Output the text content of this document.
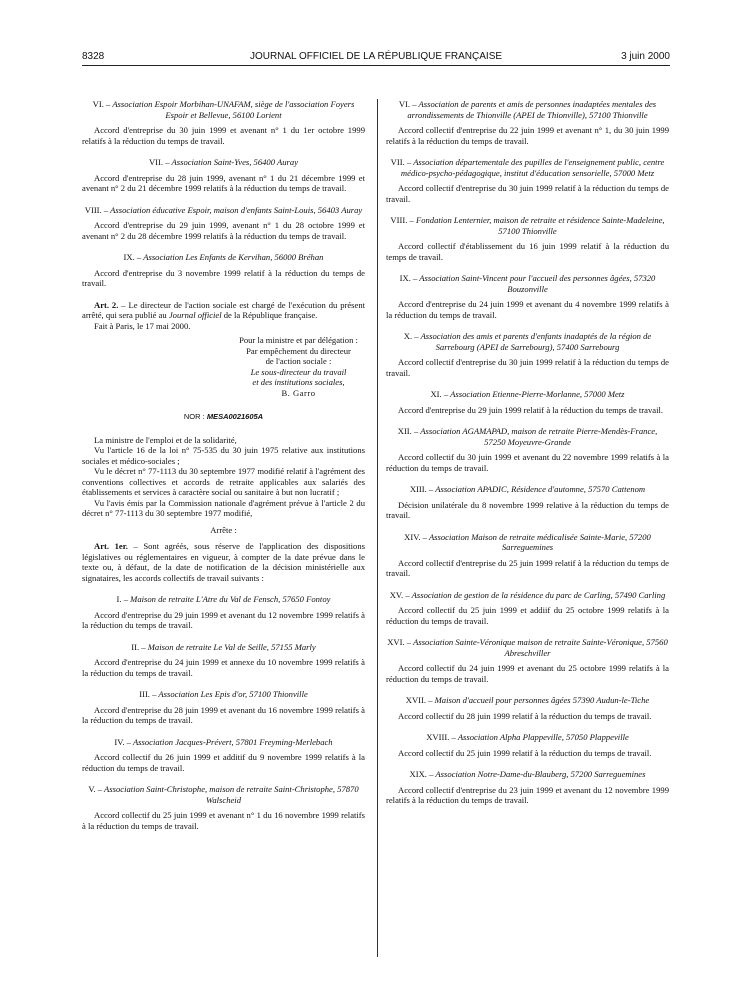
8328	JOURNAL OFFICIEL DE LA RÉPUBLIQUE FRANÇAISE	3 juin 2000
VI. – Association Espoir Morbihan-UNAFAM, siège de l'association Foyers Espoir et Bellevue, 56100 Lorient

Accord d'entreprise du 30 juin 1999 et avenant n° 1 du 1er octobre 1999 relatifs à la réduction du temps de travail.

VII. – Association Saint-Yves, 56400 Auray

Accord d'entreprise du 28 juin 1999, avenant n° 1 du 21 décembre 1999 et avenant n° 2 du 21 décembre 1999 relatifs à la réduction du temps de travail.

VIII. – Association éducative Espoir, maison d'enfants Saint-Louis, 56403 Auray

Accord d'entreprise du 29 juin 1999, avenant n° 1 du 28 octobre 1999 et avenant n° 2 du 28 décembre 1999 relatifs à la réduction du temps de travail.

IX. – Association Les Enfants de Kervihan, 56000 Bréhan

Accord d'entreprise du 3 novembre 1999 relatif à la réduction du temps de travail.

Art. 2. – Le directeur de l'action sociale est chargé de l'exécution du présent arrêté, qui sera publié au Journal officiel de la République française.

Fait à Paris, le 17 mai 2000.

Pour la ministre et par délégation :
Par empêchement du directeur
de l'action sociale :
Le sous-directeur du travail
et des institutions sociales,
B. Garro
NOR : MESA0021605A

La ministre de l'emploi et de la solidarité,

Vu l'article 16 de la loi n° 75-535 du 30 juin 1975 relative aux institutions sociales et médico-sociales ;

Vu le décret n° 77-1113 du 30 septembre 1977 modifié relatif à l'agrément des conventions collectives et accords de retraite applicables aux salariés des établissements et services à caractère social ou sanitaire à but non lucratif ;

Vu l'avis émis par la Commission nationale d'agrément prévue à l'article 2 du décret n° 77-1113 du 30 septembre 1977 modifié,

Arrête :

Art. 1er. – Sont agréés, sous réserve de l'application des dispositions législatives ou réglementaires en vigueur, à compter de la date prévue dans le texte ou, à défaut, de la date de notification de la décision ministérielle aux signataires, les accords collectifs de travail suivants :

I. – Maison de retraite L'Atre du Val de Fensch, 57650 Fontoy

Accord d'entreprise du 29 juin 1999 et avenant du 12 novembre 1999 relatifs à la réduction du temps de travail.

II. – Maison de retraite Le Val de Seille, 57155 Marly

Accord d'entreprise du 24 juin 1999 et annexe du 10 novembre 1999 relatifs à la réduction du temps de travail.

III. – Association Les Epis d'or, 57100 Thionville

Accord d'entreprise du 28 juin 1999 et avenant du 16 novembre 1999 relatifs à la réduction du temps de travail.

IV. – Association Jacques-Prévert, 57801 Freyming-Merlebach

Accord collectif du 26 juin 1999 et additif du 9 novembre 1999 relatifs à la réduction du temps de travail.

V. – Association Saint-Christophe, maison de retraite Saint-Christophe, 57870 Walscheid

Accord collectif du 25 juin 1999 et avenant n° 1 du 16 novembre 1999 relatifs à la réduction du temps de travail.

VI. – Association de parents et amis de personnes inadaptées mentales des arrondissements de Thionville (APEI de Thionville), 57100 Thionville

Accord collectif d'entreprise du 22 juin 1999 et avenant n° 1, du 30 juin 1999 relatifs à la réduction du temps de travail.

VII. – Association départementale des pupilles de l'enseignement public, centre médico-psycho-pédagogique, institut d'éducation sensorielle, 57000 Metz

Accord collectif d'entreprise du 30 juin 1999 relatif à la réduction du temps de travail.

VIII. – Fondation Lenternier, maison de retraite et résidence Sainte-Madeleine, 57100 Thionville

Accord collectif d'établissement du 16 juin 1999 relatif à la réduction du temps de travail.

IX. – Association Saint-Vincent pour l'accueil des personnes âgées, 57320 Bouzonville

Accord d'entreprise du 24 juin 1999 et avenant du 4 novembre 1999 relatifs à la réduction du temps de travail.

X. – Association des amis et parents d'enfants inadaptés de la région de Sarrebourg (APEI de Sarrebourg), 57400 Sarrebourg

Accord collectif d'entreprise du 30 juin 1999 relatif à la réduction du temps de travail.

XI. – Association Etienne-Pierre-Morlanne, 57000 Metz

Accord d'entreprise du 29 juin 1999 relatif à la réduction du temps de travail.

XII. – Association AGAMAPAD, maison de retraite Pierre-Mendès-France, 57250 Moyeuvre-Grande

Accord collectif du 30 juin 1999 et avenant du 22 novembre 1999 relatifs à la réduction du temps de travail.

XIII. – Association APADIC, Résidence d'automne, 57570 Cattenom

Décision unilatérale du 8 novembre 1999 relative à la réduction du temps de travail.

XIV. – Association Maison de retraite médicalisée Sainte-Marie, 57200 Sarreguemines

Accord collectif d'entreprise du 25 juin 1999 relatif à la réduction du temps de travail.

XV. – Association de gestion de la résidence du parc de Carling, 57490 Carling

Accord collectif du 25 juin 1999 et addiif du 25 octobre 1999 relatifs à la réduction du temps de travail.

XVI. – Association Sainte-Véronique maison de retraite Sainte-Véronique, 57560 Abreschviller

Accord collectif du 24 juin 1999 et avenant du 25 octobre 1999 relatifs à la réduction du temps de travail.

XVII. – Maison d'accueil pour personnes âgées 57390 Audun-le-Tiche

Accord collectif du 28 juin 1999 relatif à la réduction du temps de travail.

XVIII. – Association Alpha Plappeville, 57050 Plappeville

Accord collectif du 25 juin 1999 relatif à la réduction du temps de travail.

XIX. – Association Notre-Dame-du-Blauberg, 57200 Sarreguemines

Accord collectif d'entreprise du 23 juin 1999 et avenant du 12 novembre 1999 relatifs à la réduction du temps de travail.
